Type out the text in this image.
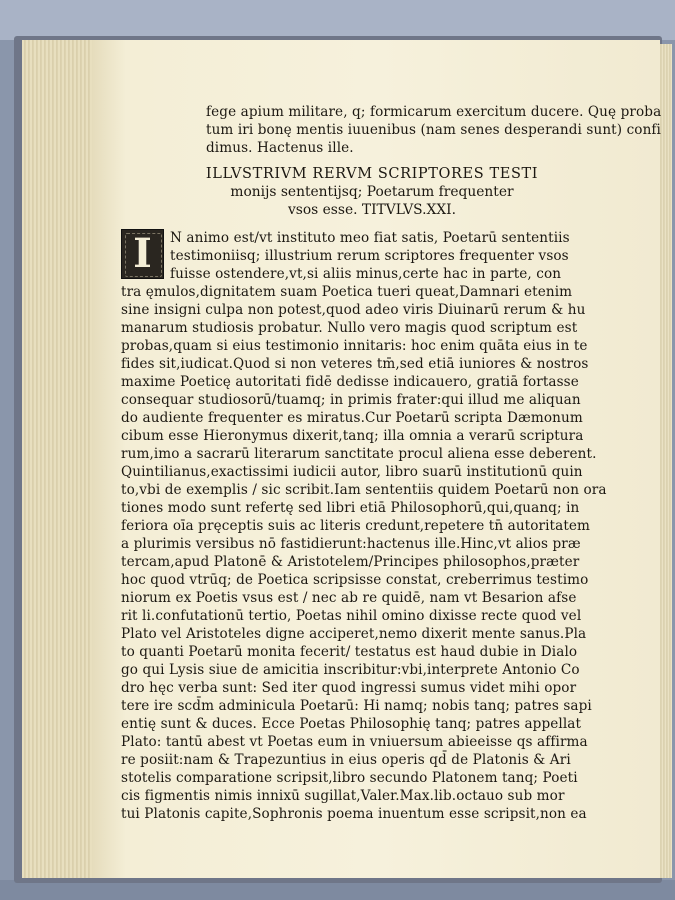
fege apium militare, q; formicarum exercitum ducere. Quę proba
tum iri bonę mentis iuuenibus (nam senes desperandi sunt) confi
dimus. Hactenus ille.
ILLVSTRIVM RERVM SCRIPTORES TESTI
monijs sententijsq; Poetarum frequenter
vsos esse. TITVLVS.XXI.
I	N animo est/vt instituto meo fiat satis, Poetarū sententiis
testimoniisq; illustrium rerum scriptores frequenter vsos
fuisse ostendere,vt,si aliis minus,certe hac in parte, con
tra ęmulos,dignitatem suam Poetica tueri queat,Damnari etenim
sine insigni culpa non potest,quod adeo viris Diuinarū rerum & hu
manarum studiosis probatur. Nullo vero magis quod scriptum est
probas,quam si eius testimonio innitaris: hoc enim quāta eius in te
fides sit,iudicat.Quod si non veteres tm̄,sed etiā iuniores & nostros
maxime Poeticę autoritati fidē dedisse indicauero, gratiā fortasse
consequar studiosorū/tuamq; in primis frater:qui illud me aliquan
do audiente frequenter es miratus.Cur Poetarū scripta Dæmonum
cibum esse Hieronymus dixerit,tanq; illa omnia a verarū scriptura
rum,imo a sacrarū literarum sanctitate procul aliena esse deberent.
Quintilianus,exactissimi iudicii autor, libro suarū institutionū quin
to,vbi de exemplis / sic scribit.Iam sententiis quidem Poetarū non ora
tiones modo sunt refertę sed libri etiā Philosophorū,qui,quanq; in
feriora oīa pręceptis suis ac literis credunt,repetere tn̄ autoritatem
a plurimis versibus nō fastidierunt:hactenus ille.Hinc,vt alios præ
tercam,apud Platonē & Aristotelem/Principes philosophos,præter
hoc quod vtrūq; de Poetica scripsisse constat, creberrimus testimo
niorum ex Poetis vsus est / nec ab re quidē, nam vt Besarion afse
rit li.confutationū tertio, Poetas nihil omino dixisse recte quod vel
Plato vel Aristoteles digne acciperet,nemo dixerit mente sanus.Pla
to quanti Poetarū monita fecerit/ testatus est haud dubie in Dialo
go qui Lysis siue de amicitia inscribitur:vbi,interprete Antonio Co
dro hęc verba sunt: Sed iter quod ingressi sumus videt mihi opor
tere ire scd̄m adminicula Poetarū: Hi namq; nobis tanq; patres sapi
entię sunt & duces. Ecce Poetas Philosophię tanq; patres appellat
Plato: tantū abest vt Poetas eum in vniuersum abieeisse qs affirma
re posiit:nam & Trapezuntius in eius operis qd̄ de Platonis & Ari
stotelis comparatione scripsit,libro secundo Platonem tanq; Poeti
cis figmentis nimis innixū sugillat,Valer.Max.lib.octauo sub mor
tui Platonis capite,Sophronis poema inuentum esse scripsit,non ea
